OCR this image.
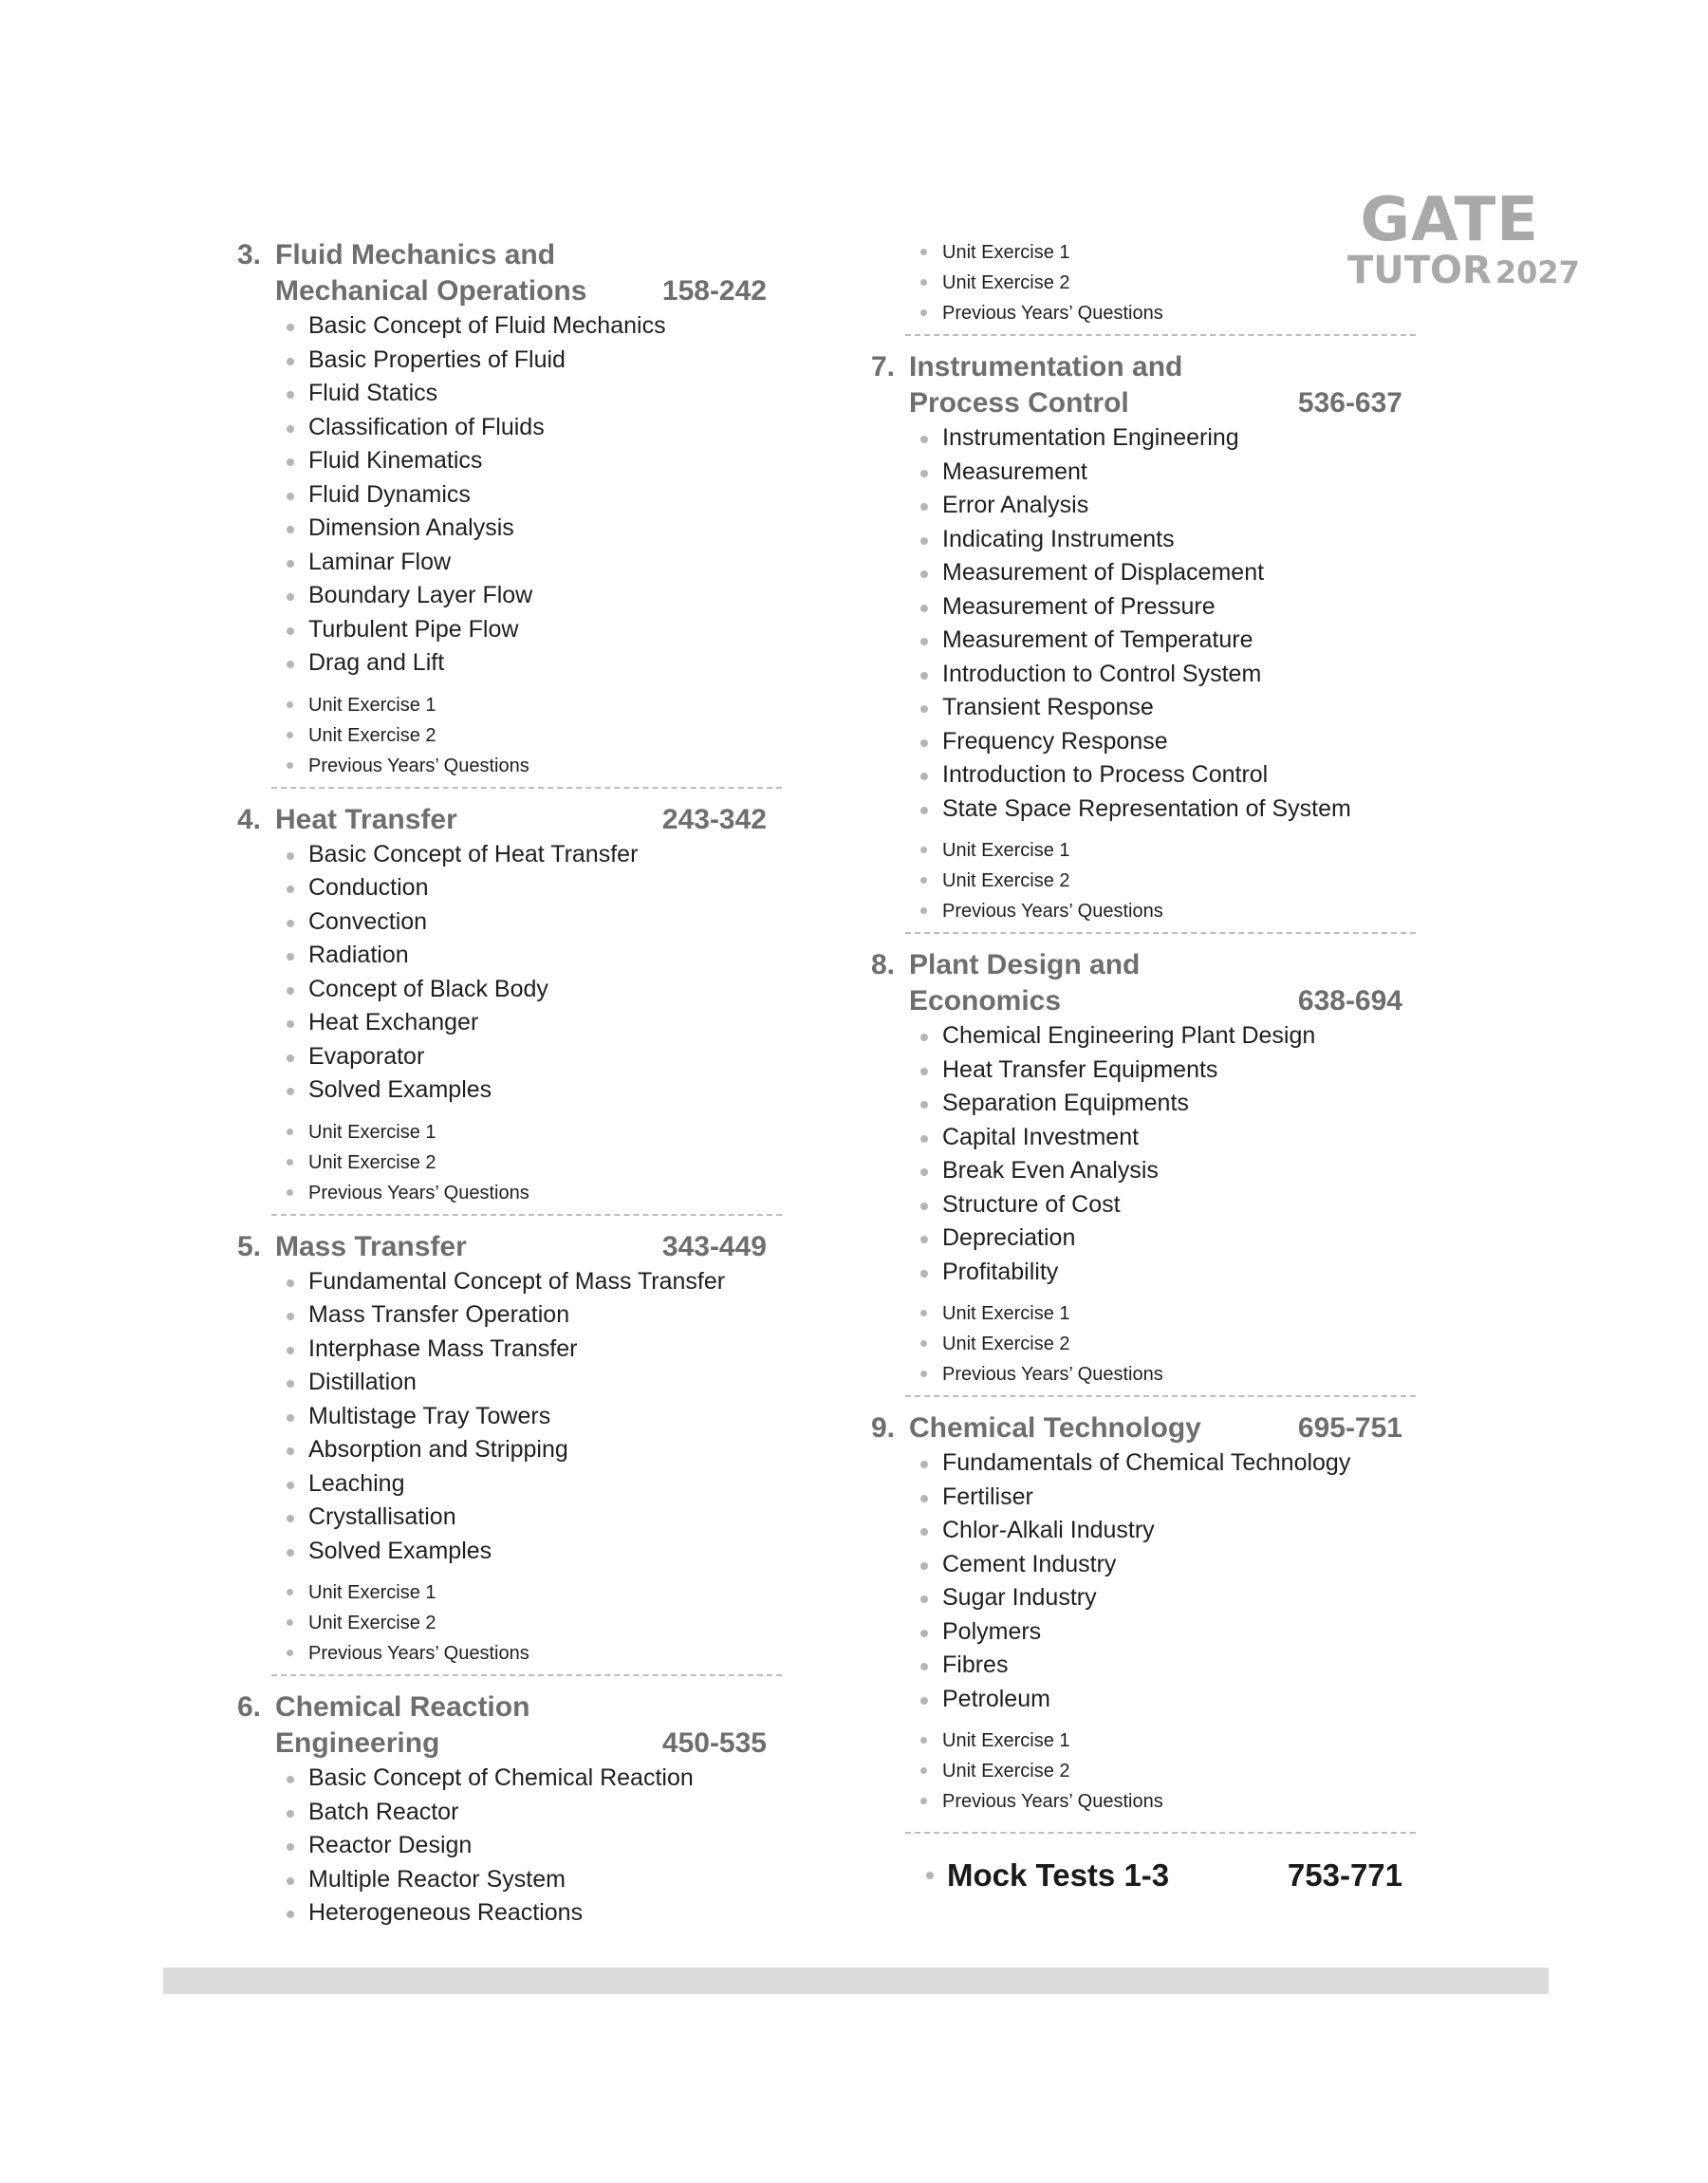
GATE
TUTOR 2027
3. Fluid Mechanics and
Mechanical Operations	158-242
Basic Concept of Fluid Mechanics
Basic Properties of Fluid
Fluid Statics
Classification of Fluids
Fluid Kinematics
Fluid Dynamics
Dimension Analysis
Laminar Flow
Boundary Layer Flow
Turbulent Pipe Flow
Drag and Lift
Unit Exercise 1
Unit Exercise 2
Previous Years’ Questions
4. Heat Transfer	243-342
Basic Concept of Heat Transfer
Conduction
Convection
Radiation
Concept of Black Body
Heat Exchanger
Evaporator
Solved Examples
Unit Exercise 1
Unit Exercise 2
Previous Years’ Questions
5. Mass Transfer	343-449
Fundamental Concept of Mass Transfer
Mass Transfer Operation
Interphase Mass Transfer
Distillation
Multistage Tray Towers
Absorption and Stripping
Leaching
Crystallisation
Solved Examples
Unit Exercise 1
Unit Exercise 2
Previous Years’ Questions
6. Chemical Reaction
Engineering	450-535
Basic Concept of Chemical Reaction
Batch Reactor
Reactor Design
Multiple Reactor System
Heterogeneous Reactions
Unit Exercise 1
Unit Exercise 2
Previous Years’ Questions
7. Instrumentation and
Process Control	536-637
Instrumentation Engineering
Measurement
Error Analysis
Indicating Instruments
Measurement of Displacement
Measurement of Pressure
Measurement of Temperature
Introduction to Control System
Transient Response
Frequency Response
Introduction to Process Control
State Space Representation of System
Unit Exercise 1
Unit Exercise 2
Previous Years’ Questions
8. Plant Design and
Economics	638-694
Chemical Engineering Plant Design
Heat Transfer Equipments
Separation Equipments
Capital Investment
Break Even Analysis
Structure of Cost
Depreciation
Profitability
Unit Exercise 1
Unit Exercise 2
Previous Years’ Questions
9. Chemical Technology	695-751
Fundamentals of Chemical Technology
Fertiliser
Chlor-Alkali Industry
Cement Industry
Sugar Industry
Polymers
Fibres
Petroleum
Unit Exercise 1
Unit Exercise 2
Previous Years’ Questions
Mock Tests 1-3	753-771
